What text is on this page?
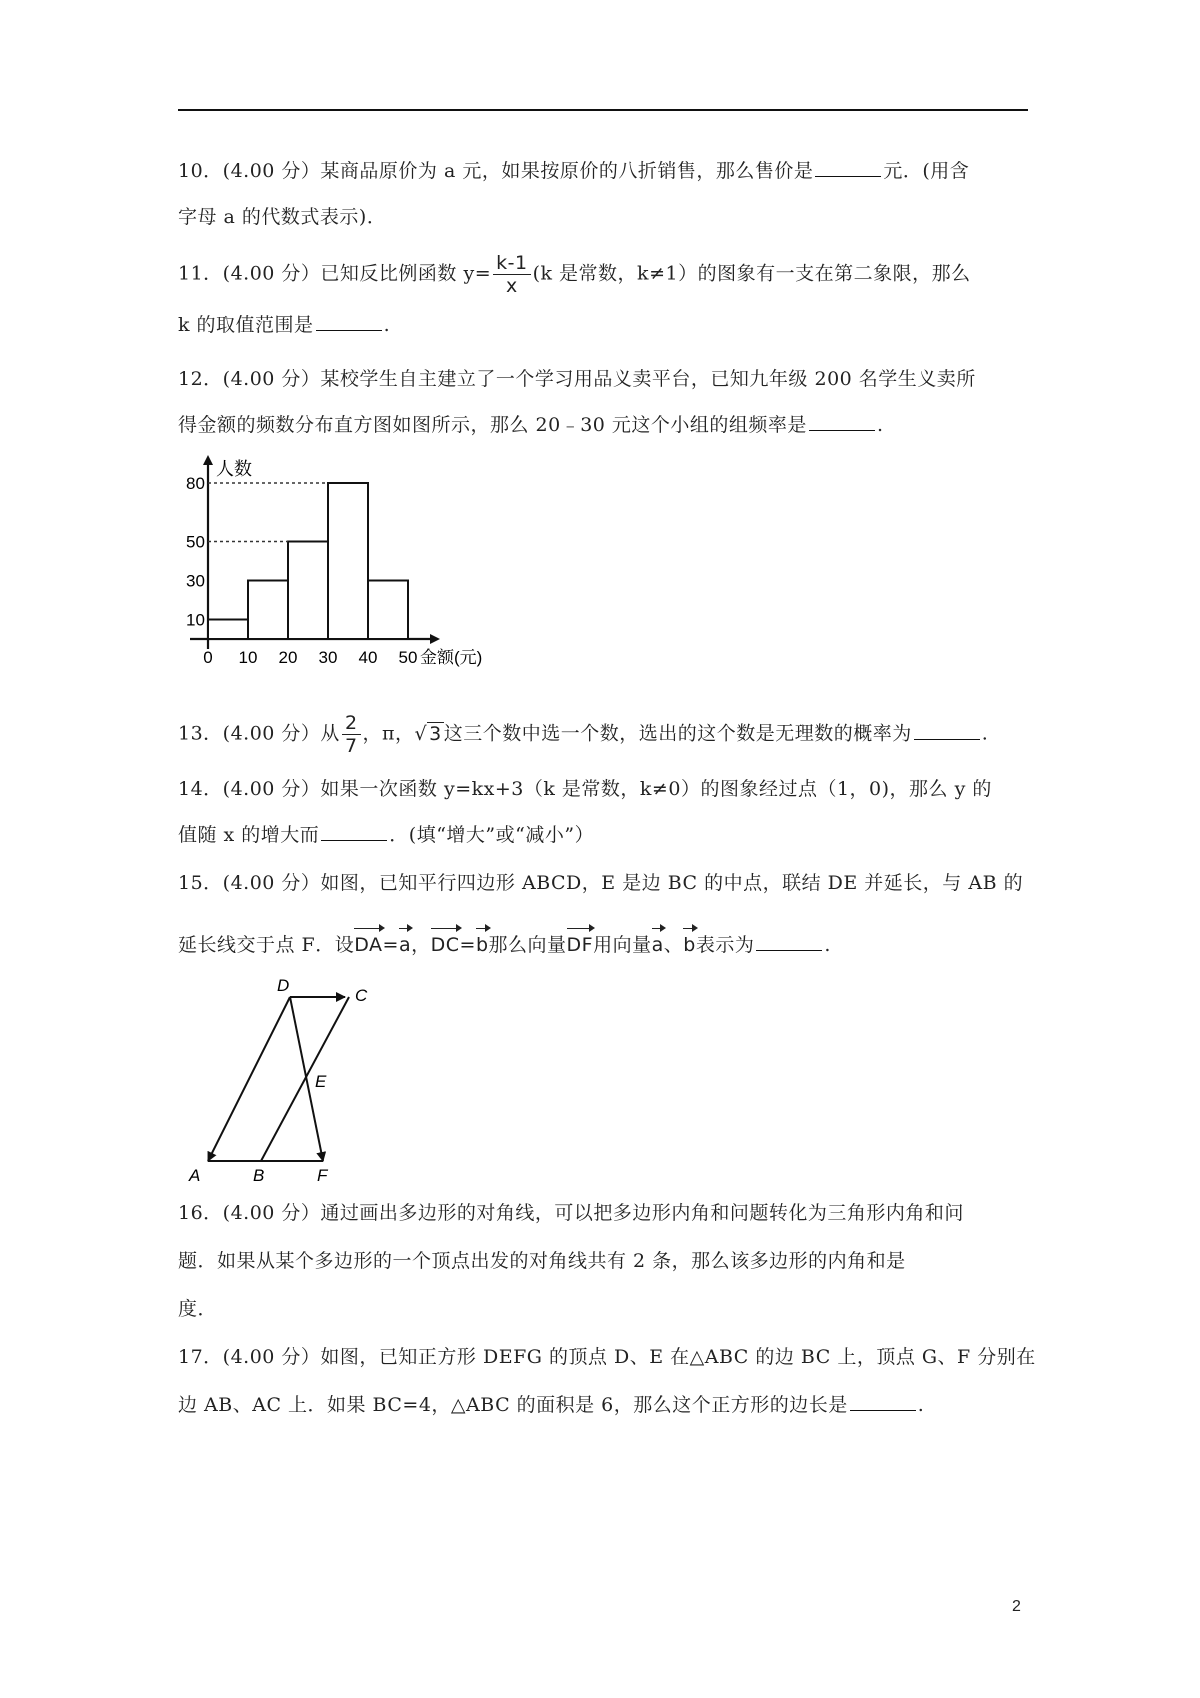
10．(4.00 分）某商品原价为 a 元，如果按原价的八折销售，那么售价是	元．(用含
字母 a 的代数式表示)．
11．(4.00 分）已知反比例函数 $y= \frac{k-1}{x} (k$ 是常数，k≠1）的图象有一支在第二象限，那么
k 的取值范围是	.
12．(4.00 分）某校学生自主建立了一个学习用品义卖平台，已知九年级 200 名学生义卖所
得金额的频数分布直方图如图所示，那么 20﹣30 元这个小组的组频率是	.
10
30
50
80
0 10 20 30 40 50
人数
金额(元)
13．(4.00 分）从 $\frac{2}{7}$ ，π，√ 3 这三个数中选一个数，选出的这个数是无理数的概率为	.
14．(4.00 分）如果一次函数 y=kx+3（k 是常数，k≠0）的图象经过点（1，0)，那么 y 的
值随 x 的增大而	．(填“增大”或“减小”）
15．(4.00 分）如图，已知平行四边形 ABCD，E 是边 BC 的中点，联结 DE 并延长，与 AB 的
延长线交于点 F．设DA=a，DC=b那么向量DF用向量a、b表示为	.
D
C
E
A	B	F
16．(4.00 分）通过画出多边形的对角线，可以把多边形内角和问题转化为三角形内角和问
题．如果从某个多边形的一个顶点出发的对角线共有 2 条，那么该多边形的内角和是
度．
17．(4.00 分）如图，已知正方形 DEFG 的顶点 D、E 在△ABC 的边 BC 上，顶点 G、F 分别在
边 AB、AC 上．如果 BC=4，△ABC 的面积是 6，那么这个正方形的边长是	.
2
